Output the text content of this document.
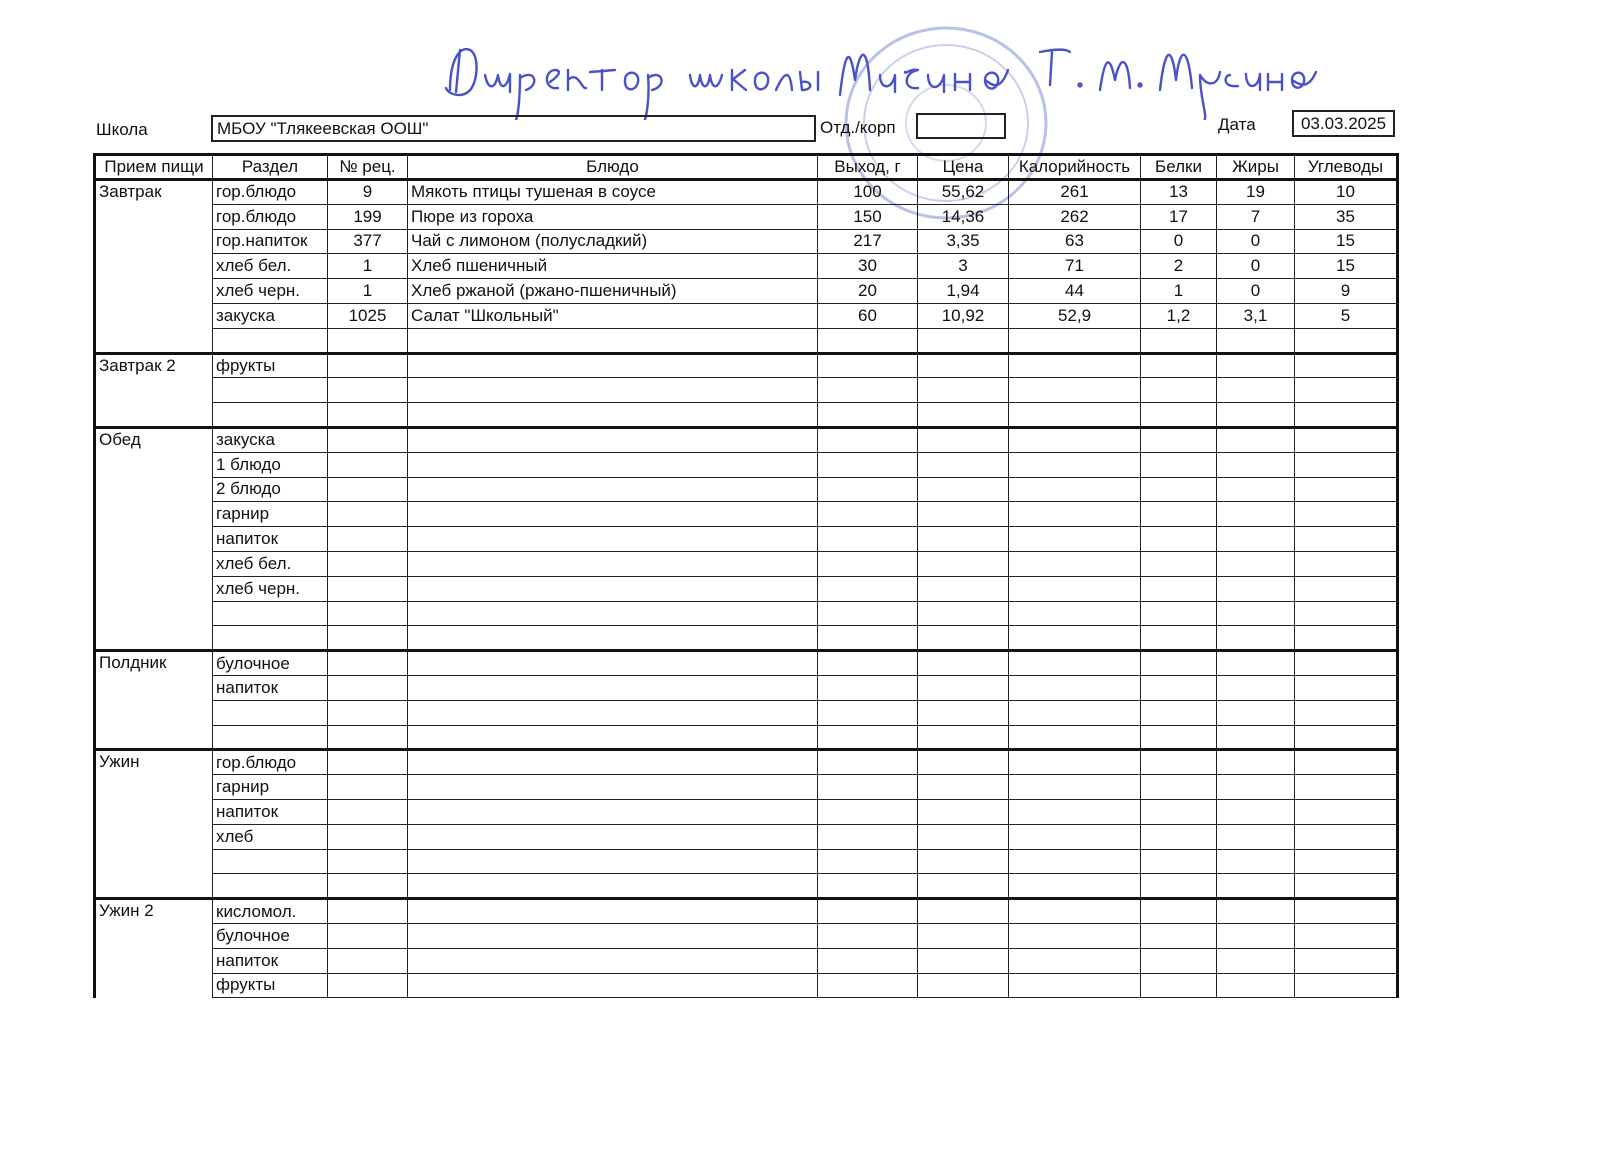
Школа	МБОУ "Тлякеевская ООШ"	Отд./корп	Дата	03.03.2025
Прием пищи	Раздел	№ рец.	Блюдо	Выход, г	Цена	Калорийность	Белки	Жиры	Углеводы
Завтрак	гор.блюдо	9	Мякоть птицы тушеная в соусе	100	55,62	261	13	19	10
	гор.блюдо	199	Пюре из гороха	150	14,36	262	17	7	35
	гор.напиток	377	Чай с лимоном (полусладкий)	217	3,35	63	0	0	15
	хлеб бел.	1	Хлеб пшеничный	30	3	71	2	0	15
	хлеб черн.	1	Хлеб ржаной (ржано-пшеничный)	20	1,94	44	1	0	9
	закуска	1025	Салат "Школьный"	60	10,92	52,9	1,2	3,1	5

Завтрак 2	фрукты								

Обед	закуска								
	1 блюдо								
	2 блюдо								
	гарнир								
	напиток								
	хлеб бел.								
	хлеб черн.								

Полдник	булочное								
	напиток								

Ужин	гор.блюдо								
	гарнир								
	напиток								
	хлеб								

Ужин 2	кисломол.								
	булочное								
	напиток								
	фрукты								
